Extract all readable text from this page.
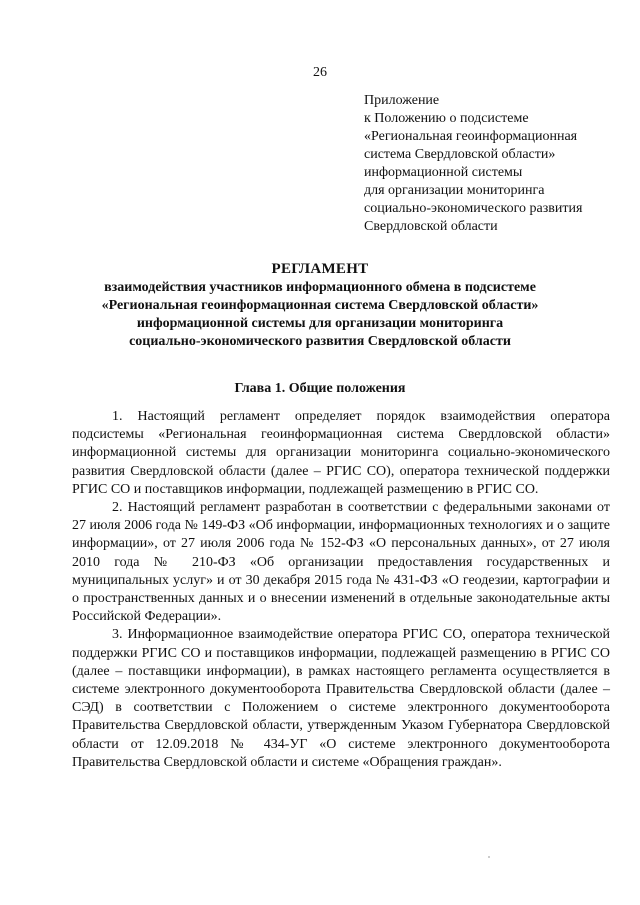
26
Приложение
к Положению о подсистеме
«Региональная геоинформационная
система Свердловской области»
информационной системы
для организации мониторинга
социально-экономического развития
Свердловской области
РЕГЛАМЕНТ
взаимодействия участников информационного обмена в подсистеме
«Региональная геоинформационная система Свердловской области»
информационной системы для организации мониторинга
социально-экономического развития Свердловской области
Глава 1. Общие положения

1. Настоящий регламент определяет порядок взаимодействия оператора подсистемы «Региональная геоинформационная система Свердловской области» информационной системы для организации мониторинга социально-экономического развития Свердловской области (далее – РГИС СО), оператора технической поддержки РГИС СО и поставщиков информации, подлежащей размещению в РГИС СО.

2. Настоящий регламент разработан в соответствии с федеральными законами от 27 июля 2006 года № 149-ФЗ «Об информации, информационных технологиях и о защите информации», от 27 июля 2006 года № 152-ФЗ «О персональных данных», от 27 июля 2010 года № 210-ФЗ «Об организации предоставления государственных и муниципальных услуг» и от 30 декабря 2015 года № 431-ФЗ «О геодезии, картографии и о пространственных данных и о внесении изменений в отдельные законодательные акты Российской Федерации».

3. Информационное взаимодействие оператора РГИС СО, оператора технической поддержки РГИС СО и поставщиков информации, подлежащей размещению в РГИС СО (далее – поставщики информации), в рамках настоящего регламента осуществляется в системе электронного документооборота Правительства Свердловской области (далее – СЭД) в соответствии с Положением о системе электронного документооборота Правительства Свердловской области, утвержденным Указом Губернатора Свердловской области от 12.09.2018 № 434-УГ «О системе электронного документооборота Правительства Свердловской области и системе «Обращения граждан».
